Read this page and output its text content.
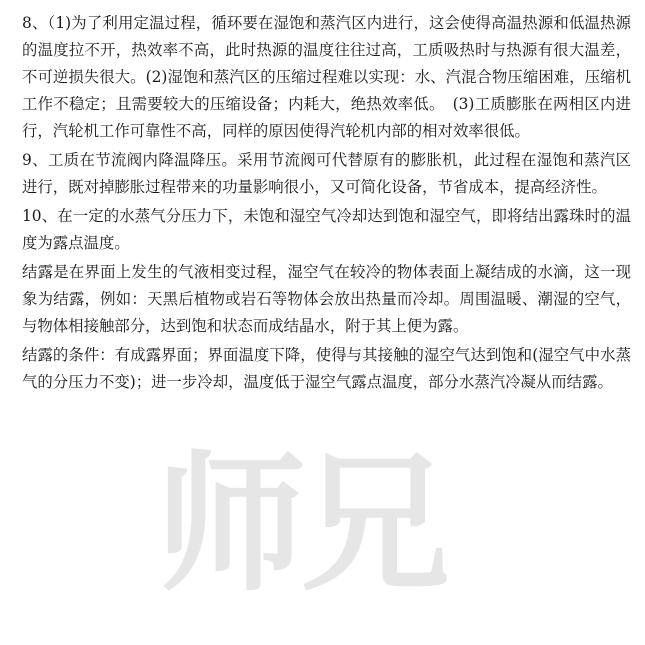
师兄

8、（1)为了利用定温过程，循环要在湿饱和蒸汽区内进行，这会使得高温热源和低温热源的温度拉不开，热效率不高，此时热源的温度往往过高，工质吸热时与热源有很大温差，不可逆损失很大。(2)湿饱和蒸汽区的压缩过程难以实现：水、汽混合物压缩困难，压缩机工作不稳定；且需要较大的压缩设备；内耗大，绝热效率低。　(3)工质膨胀在两相区内进行，汽轮机工作可靠性不高，同样的原因使得汽轮机内部的相对效率很低。

9、工质在节流阀内降温降压。采用节流阀可代替原有的膨胀机，此过程在湿饱和蒸汽区进行，既对掉膨胀过程带来的功量影响很小，又可简化设备，节省成本，提高经济性。

10、在一定的水蒸气分压力下，未饱和湿空气冷却达到饱和湿空气，即将结出露珠时的温度为露点温度。

结露是在界面上发生的气液相变过程，湿空气在较冷的物体表面上凝结成的水滴，这一现象为结露，例如：天黑后植物或岩石等物体会放出热量而冷却。周围温暖、潮湿的空气，与物体相接触部分，达到饱和状态而成结晶水，附于其上便为露。

结露的条件：有成露界面；界面温度下降，使得与其接触的湿空气达到饱和(湿空气中水蒸气的分压力不变)；进一步冷却，温度低于湿空气露点温度，部分水蒸汽冷凝从而结露。
